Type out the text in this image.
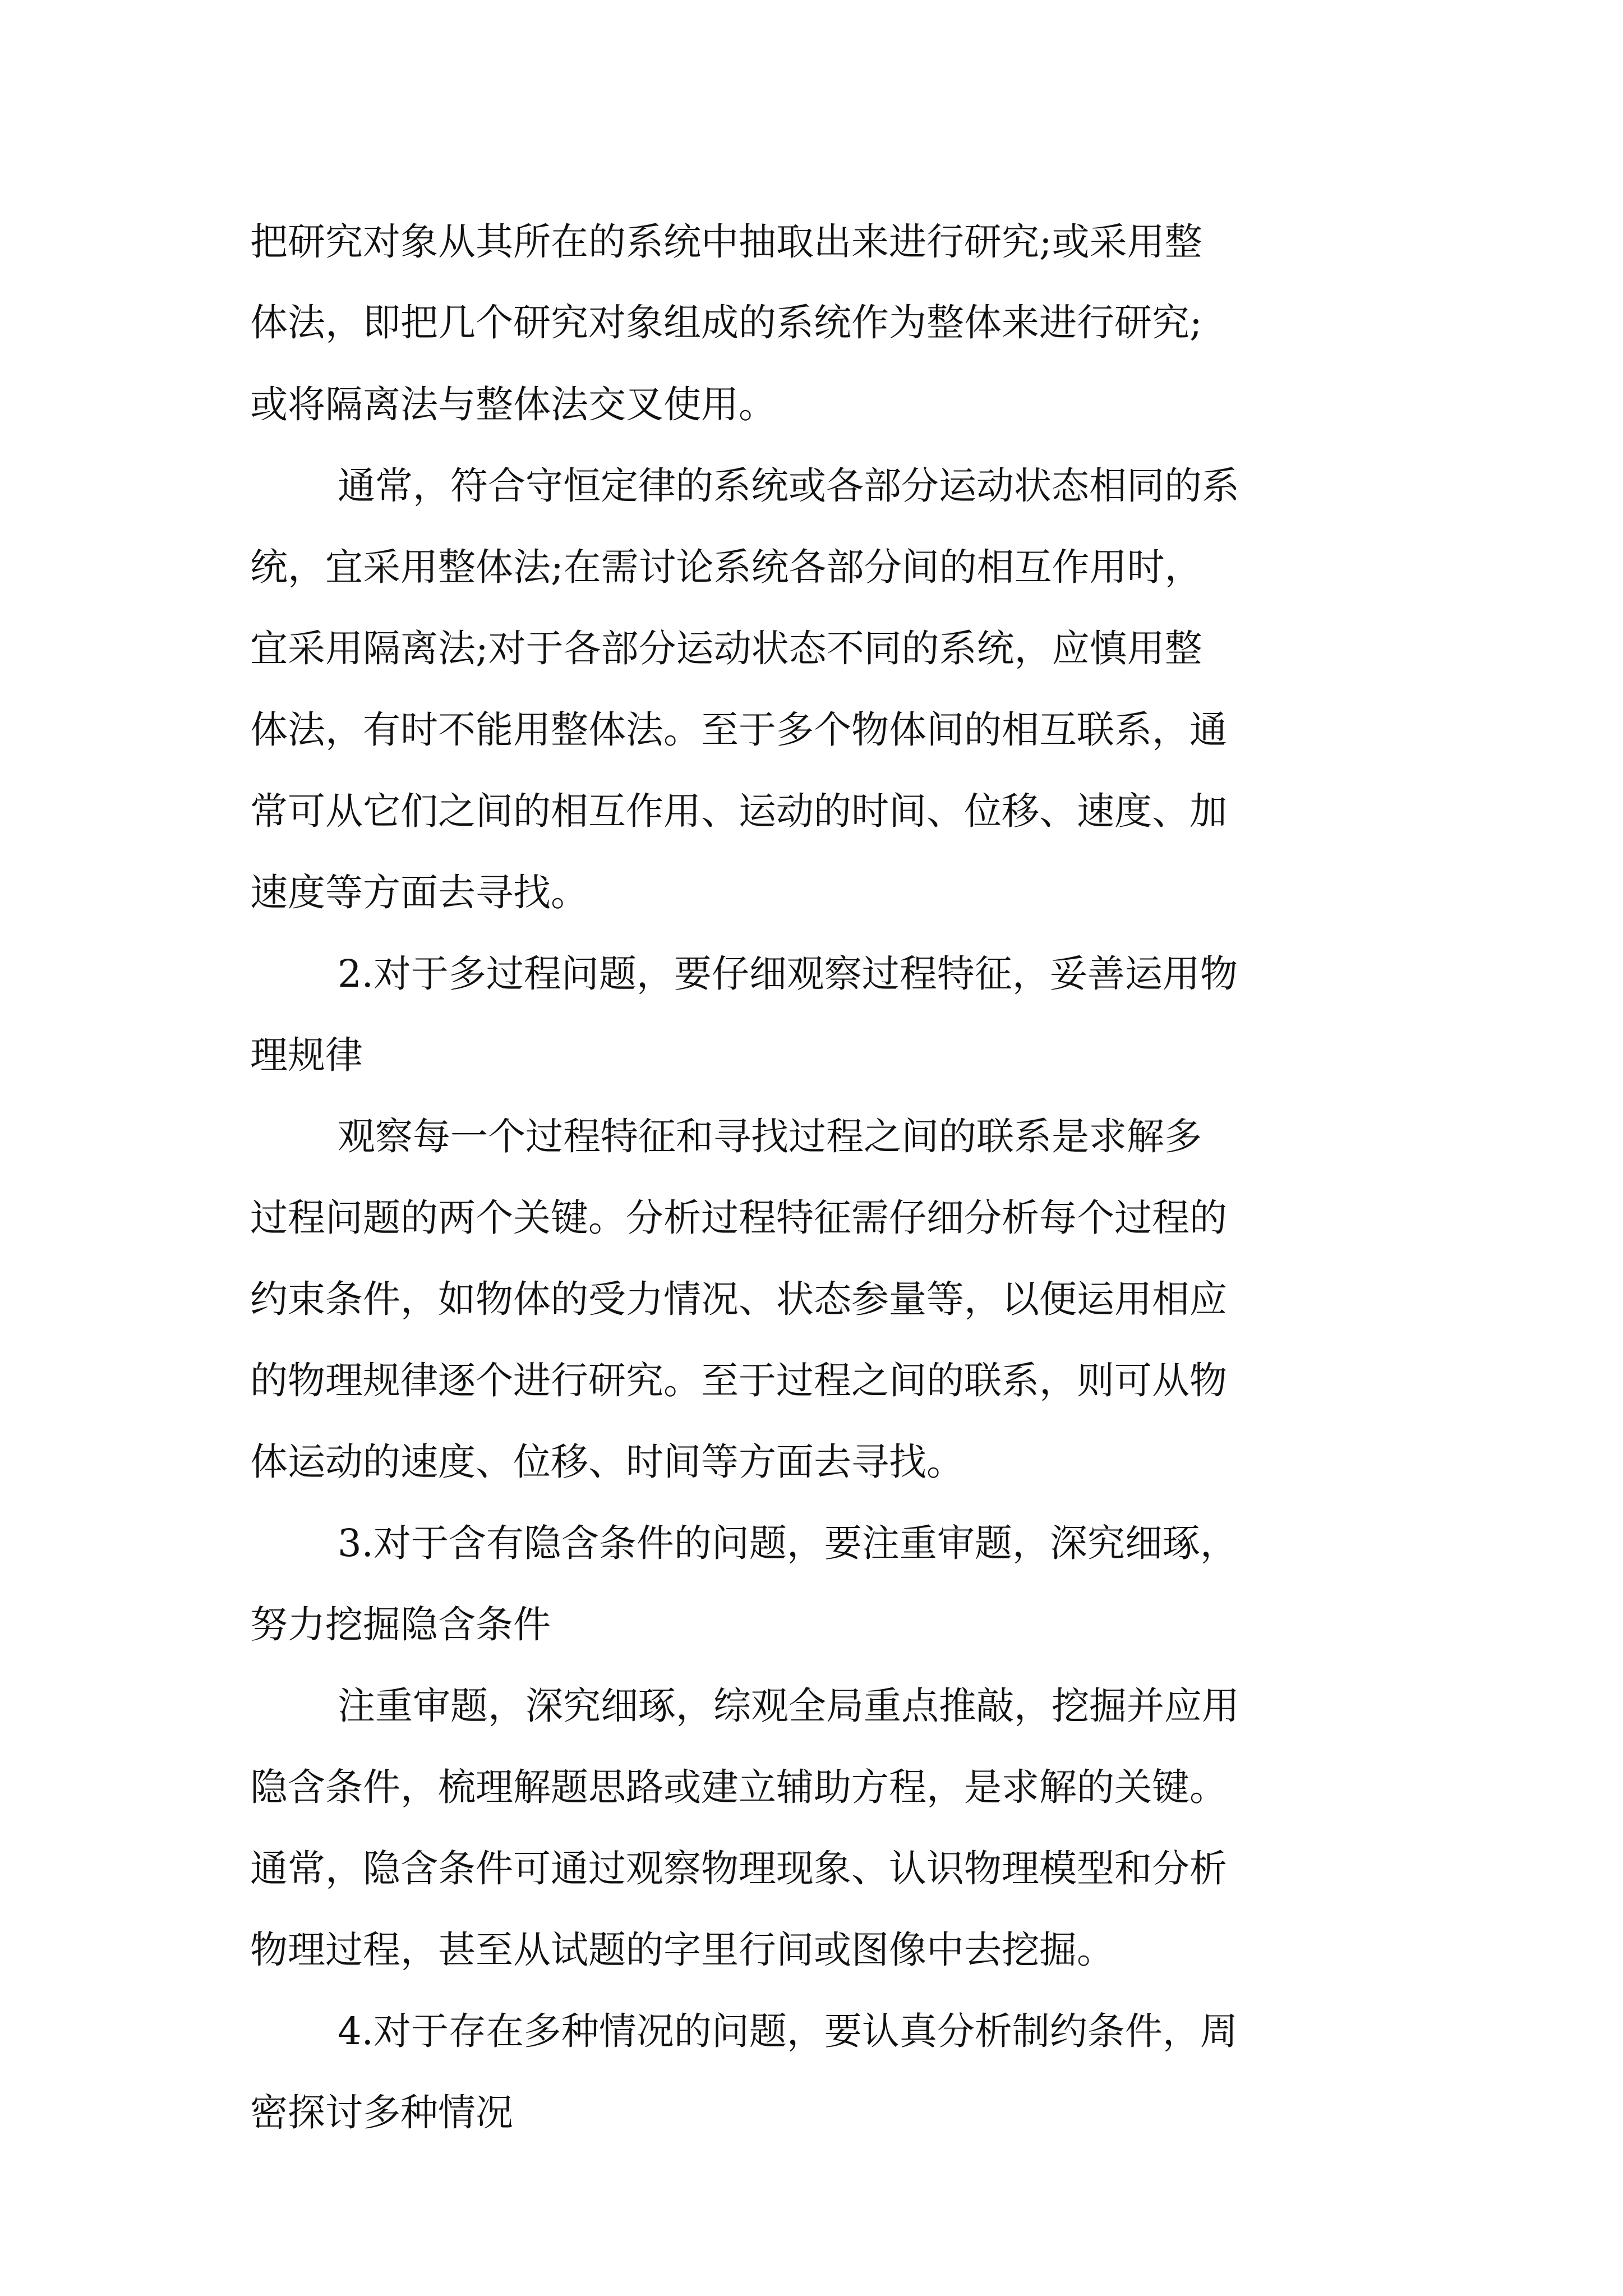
把研究对象从其所在的系统中抽取出来进行研究;或采用整
体法，即把几个研究对象组成的系统作为整体来进行研究;
或将隔离法与整体法交叉使用。
通常，符合守恒定律的系统或各部分运动状态相同的系
统，宜采用整体法;在需讨论系统各部分间的相互作用时，
宜采用隔离法;对于各部分运动状态不同的系统，应慎用整
体法，有时不能用整体法。至于多个物体间的相互联系，通
常可从它们之间的相互作用、运动的时间、位移、速度、加
速度等方面去寻找。
2.对于多过程问题，要仔细观察过程特征，妥善运用物
理规律
观察每一个过程特征和寻找过程之间的联系是求解多
过程问题的两个关键。分析过程特征需仔细分析每个过程的
约束条件，如物体的受力情况、状态参量等，以便运用相应
的物理规律逐个进行研究。至于过程之间的联系，则可从物
体运动的速度、位移、时间等方面去寻找。
3.对于含有隐含条件的问题，要注重审题，深究细琢，
努力挖掘隐含条件
注重审题，深究细琢，综观全局重点推敲，挖掘并应用
隐含条件，梳理解题思路或建立辅助方程，是求解的关键。
通常，隐含条件可通过观察物理现象、认识物理模型和分析
物理过程，甚至从试题的字里行间或图像中去挖掘。
4.对于存在多种情况的问题，要认真分析制约条件，周
密探讨多种情况
